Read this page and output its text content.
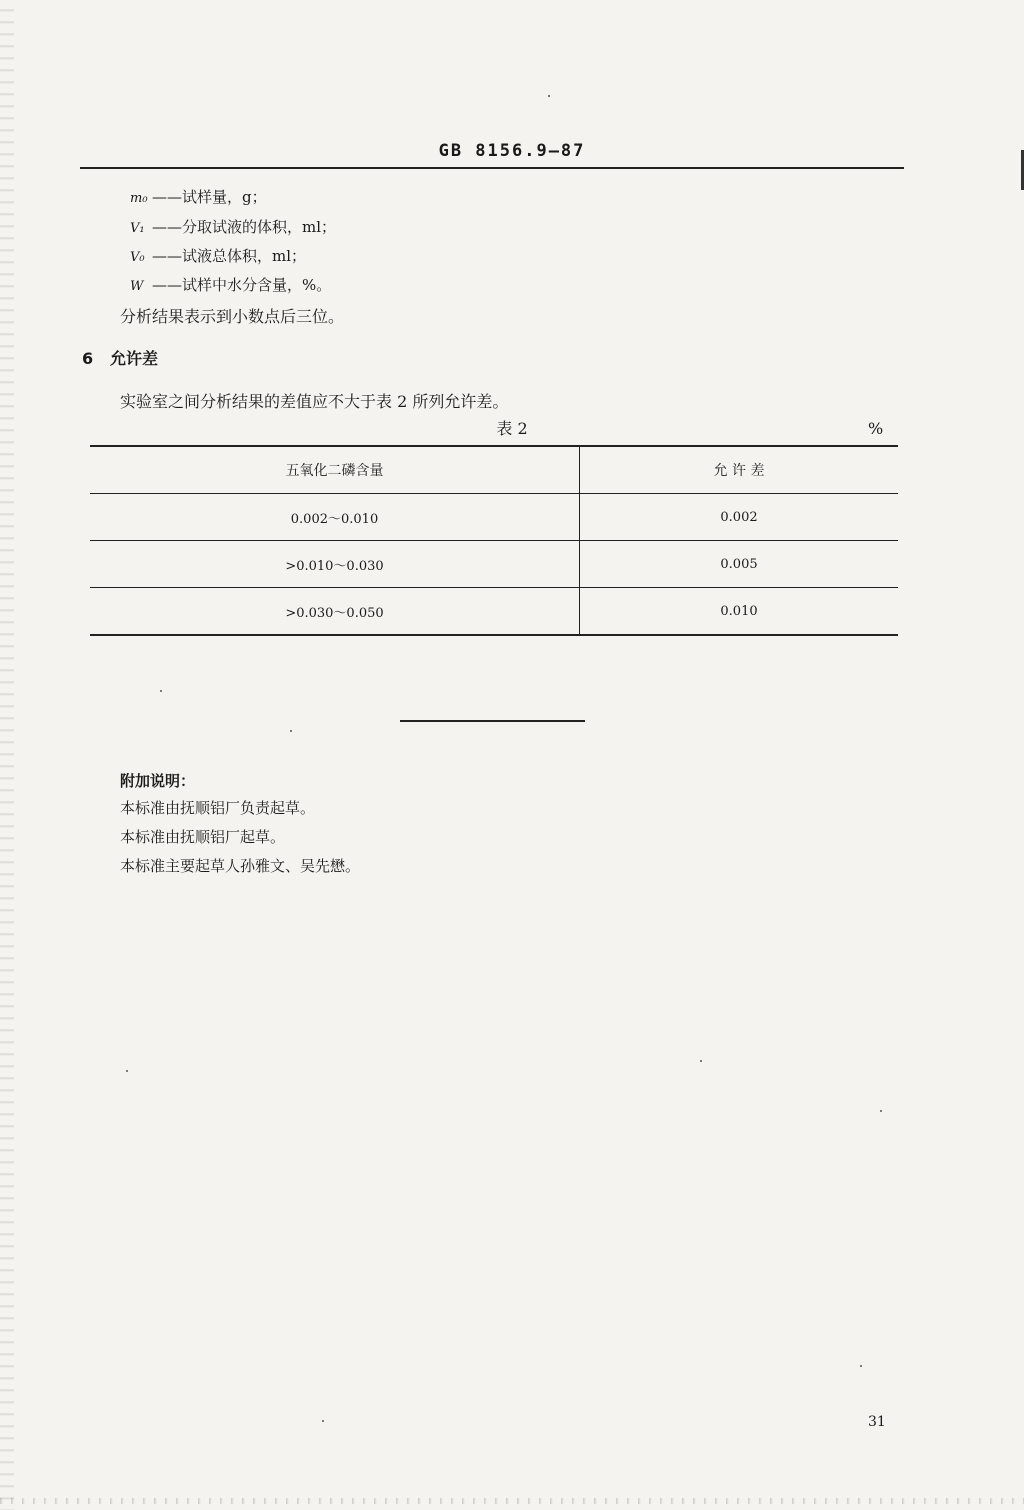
GB 8156.9—87
m₀ ——试样量，g；
V₁ ——分取试液的体积，ml；
V₀ ——试液总体积，ml；
W ——试样中水分含量，%。
分析结果表示到小数点后三位。
6 允许差
实验室之间分析结果的差值应不大于表 2 所列允许差。
表 2	%
五氧化二磷含量	允 许 差
0.002～0.010	0.002
>0.010～0.030	0.005
>0.030～0.050	0.010
附加说明：
本标准由抚顺铝厂负责起草。
本标准由抚顺铝厂起草。
本标准主要起草人孙雅文、吴先懋。
31
